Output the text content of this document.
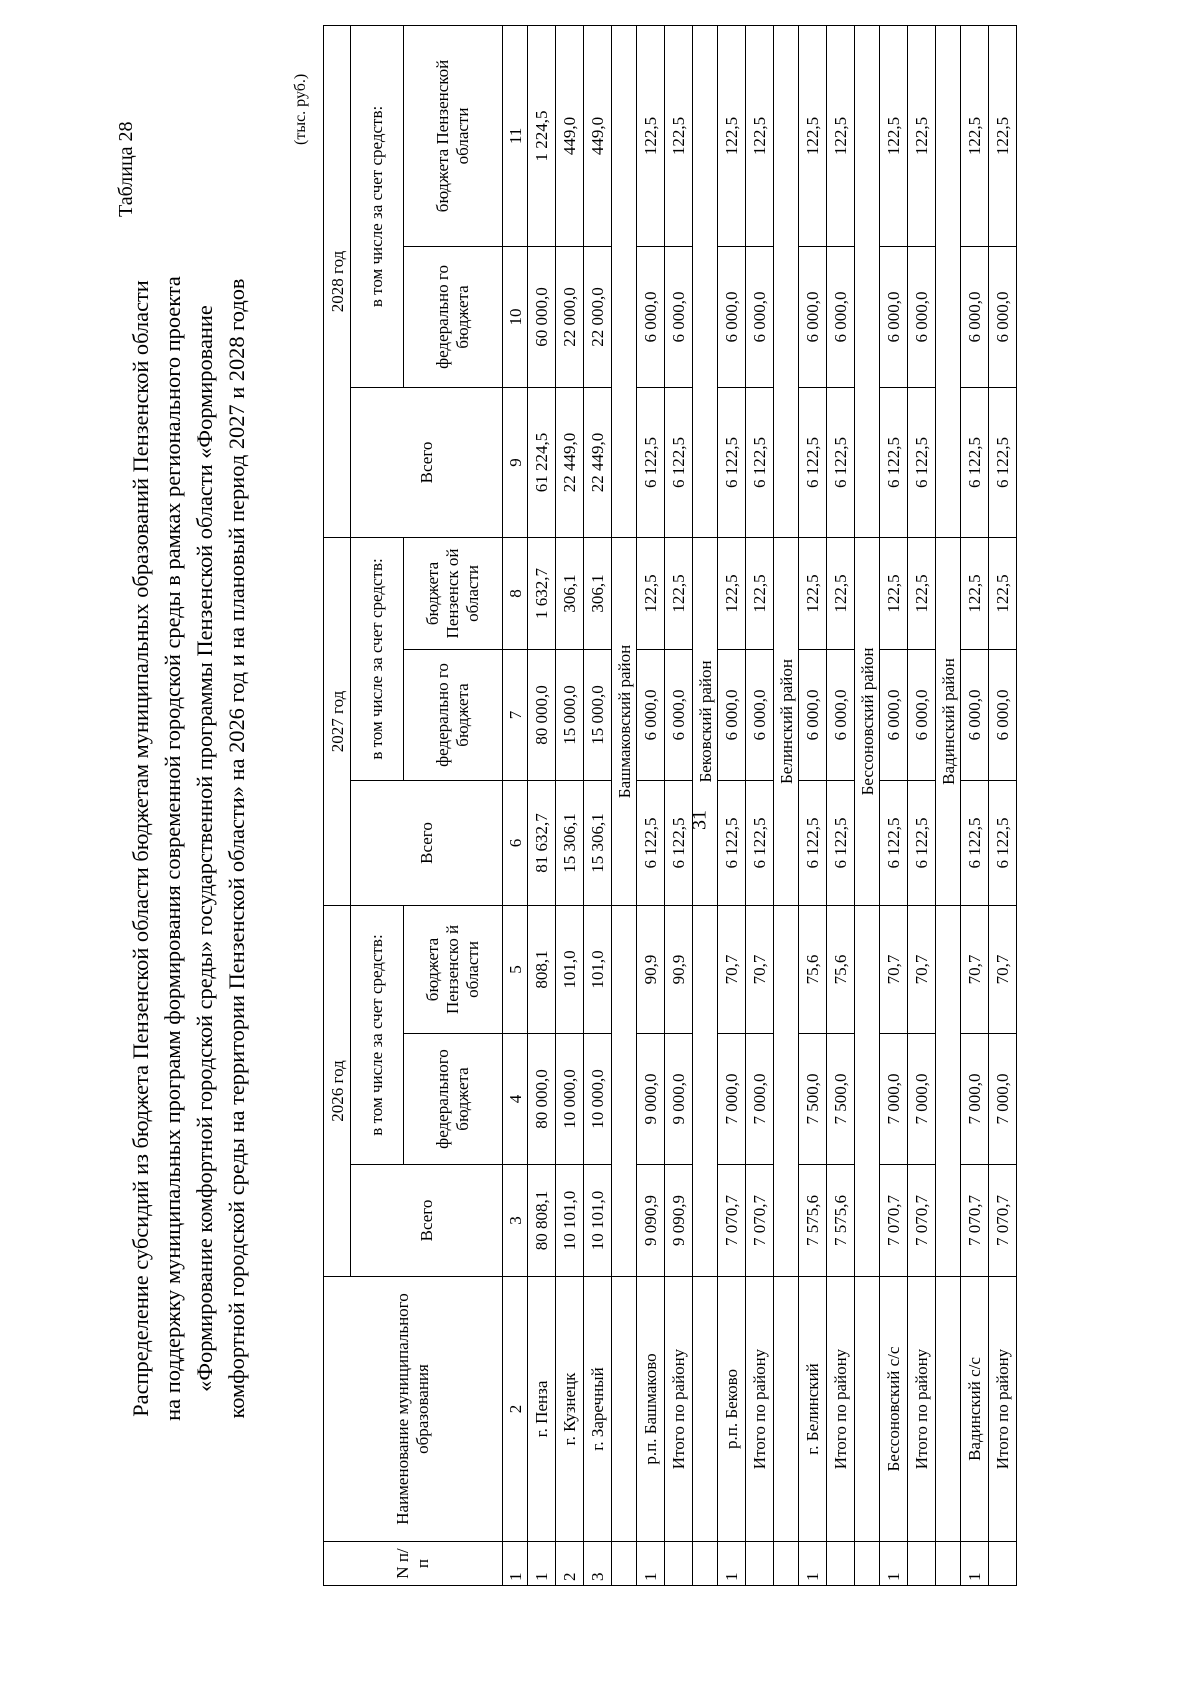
31
Таблица 28
Распределение субсидий из бюджета Пензенской области бюджетам муниципальных образований Пензенской области на поддержку муниципальных программ формирования современной городской среды в рамках регионального проекта «Формирование комфортной городской среды» государственной программы Пензенской области «Формирование комфортной городской среды на территории Пензенской области» на 2026 год и на плановый период 2027 и 2028 годов
(тыс. руб.)
N п/п	Наименование муниципального образования	2026 год			2027 год			2028 год		
		Всего	в том числе за счет средств:		Всего	в том числе за счет средств:		Всего	в том числе за счет средств:	
			федерального бюджета	бюджета Пензенско й области		федерально го бюджета	бюджета Пензенск ой области		федерально го бюджета	бюджета Пензенской области
1	2	3	4	5	6	7	8	9	10	11
1	г. Пенза	80 808,1	80 000,0	808,1	81 632,7	80 000,0	1 632,7	61 224,5	60 000,0	1 224,5
2	г. Кузнецк	10 101,0	10 000,0	101,0	15 306,1	15 000,0	306,1	22 449,0	22 000,0	449,0
3	г. Заречный	10 101,0	10 000,0	101,0	15 306,1	15 000,0	306,1	22 449,0	22 000,0	449,0
					Башмаковский район					
1	р.п. Башмаково	9 090,9	9 000,0	90,9	6 122,5	6 000,0	122,5	6 122,5	6 000,0	122,5
	Итого по району	9 090,9	9 000,0	90,9	6 122,5	6 000,0	122,5	6 122,5	6 000,0	122,5
					Бековский район					
1	р.п. Беково	7 070,7	7 000,0	70,7	6 122,5	6 000,0	122,5	6 122,5	6 000,0	122,5
	Итого по району	7 070,7	7 000,0	70,7	6 122,5	6 000,0	122,5	6 122,5	6 000,0	122,5
					Белинский район					
1	г. Белинский	7 575,6	7 500,0	75,6	6 122,5	6 000,0	122,5	6 122,5	6 000,0	122,5
	Итого по району	7 575,6	7 500,0	75,6	6 122,5	6 000,0	122,5	6 122,5	6 000,0	122,5
					Бессоновский район					
1	Бессоновский с/с	7 070,7	7 000,0	70,7	6 122,5	6 000,0	122,5	6 122,5	6 000,0	122,5
	Итого по району	7 070,7	7 000,0	70,7	6 122,5	6 000,0	122,5	6 122,5	6 000,0	122,5
					Вадинский район					
1	Вадинский с/с	7 070,7	7 000,0	70,7	6 122,5	6 000,0	122,5	6 122,5	6 000,0	122,5
	Итого по району	7 070,7	7 000,0	70,7	6 122,5	6 000,0	122,5	6 122,5	6 000,0	122,5
